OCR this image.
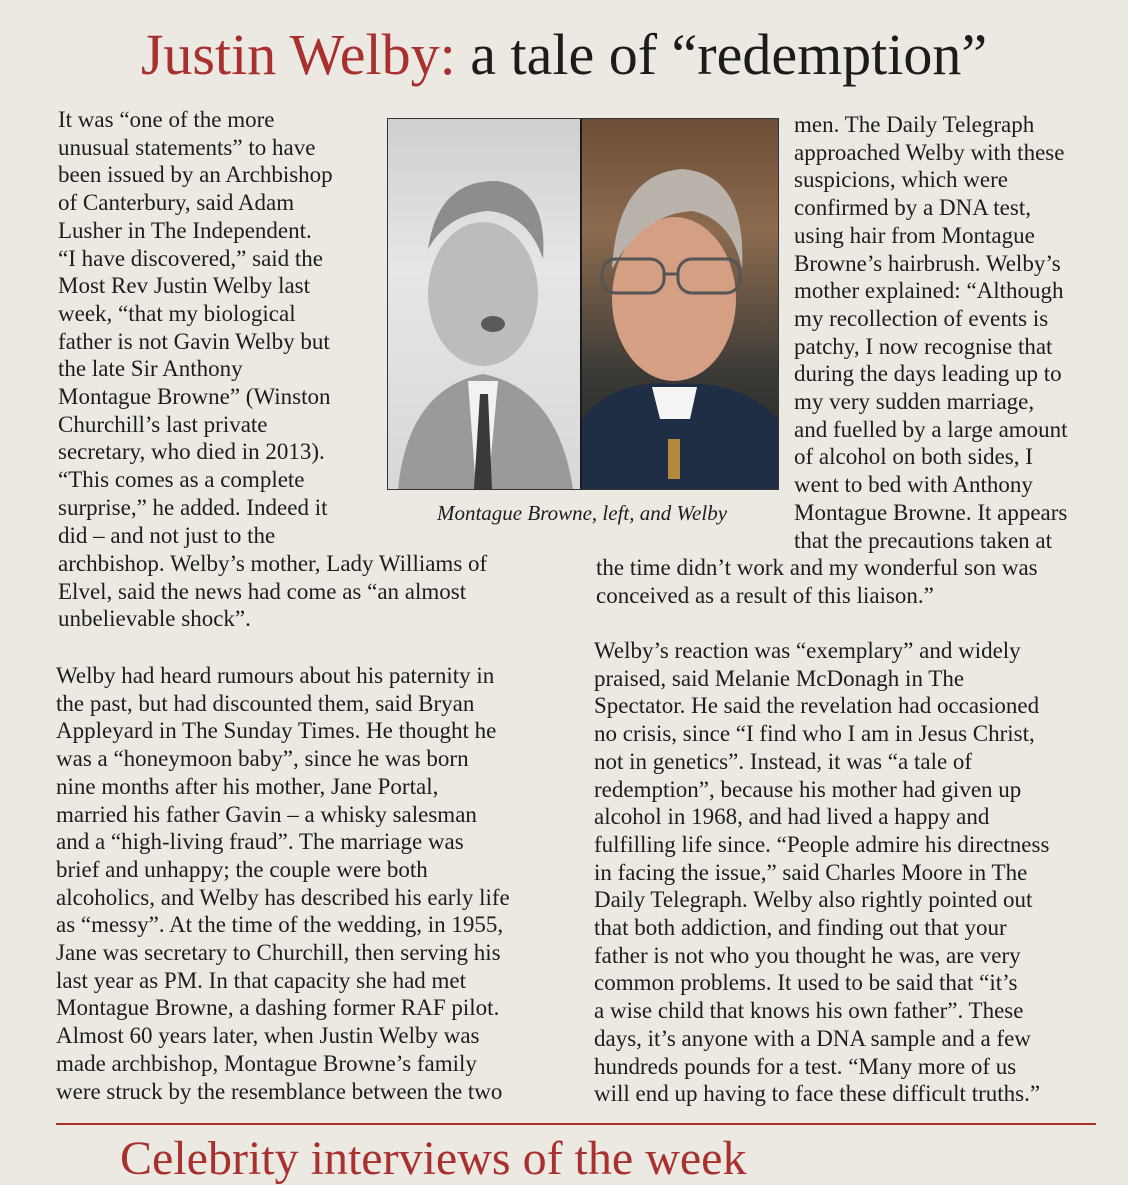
Justin Welby: a tale of “redemption”

It was “one of the more

unusual statements” to have

been issued by an Archbishop

of Canterbury, said Adam

Lusher in The Independent.

“I have discovered,” said the

Most Rev Justin Welby last

week, “that my biological

father is not Gavin Welby but

the late Sir Anthony

Montague Browne” (Winston

Churchill’s last private

secretary, who died in 2013).

“This comes as a complete

surprise,” he added. Indeed it

did – and not just to the

archbishop. Welby’s mother, Lady Williams of

Elvel, said the news had come as “an almost

unbelievable shock”.

Welby had heard rumours about his paternity in

the past, but had discounted them, said Bryan

Appleyard in The Sunday Times. He thought he

was a “honeymoon baby”, since he was born

nine months after his mother, Jane Portal,

married his father Gavin – a whisky salesman

and a “high-living fraud”. The marriage was

brief and unhappy; the couple were both

alcoholics, and Welby has described his early life

as “messy”. At the time of the wedding, in 1955,

Jane was secretary to Churchill, then serving his

last year as PM. In that capacity she had met

Montague Browne, a dashing former RAF pilot.

Almost 60 years later, when Justin Welby was

made archbishop, Montague Browne’s family

were struck by the resemblance between the two

Montague Browne, left, and Welby

men. The Daily Telegraph

approached Welby with these

suspicions, which were

confirmed by a DNA test,

using hair from Montague

Browne’s hairbrush. Welby’s

mother explained: “Although

my recollection of events is

patchy, I now recognise that

during the days leading up to

my very sudden marriage,

and fuelled by a large amount

of alcohol on both sides, I

went to bed with Anthony

Montague Browne. It appears

that the precautions taken at

the time didn’t work and my wonderful son was

conceived as a result of this liaison.”

Welby’s reaction was “exemplary” and widely

praised, said Melanie McDonagh in The

Spectator. He said the revelation had occasioned

no crisis, since “I find who I am in Jesus Christ,

not in genetics”. Instead, it was “a tale of

redemption”, because his mother had given up

alcohol in 1968, and had lived a happy and

fulfilling life since. “People admire his directness

in facing the issue,” said Charles Moore in The

Daily Telegraph. Welby also rightly pointed out

that both addiction, and finding out that your

father is not who you thought he was, are very

common problems. It used to be said that “it’s

a wise child that knows his own father”. These

days, it’s anyone with a DNA sample and a few

hundreds pounds for a test. “Many more of us

will end up having to face these difficult truths.”

Celebrity interviews of the week
